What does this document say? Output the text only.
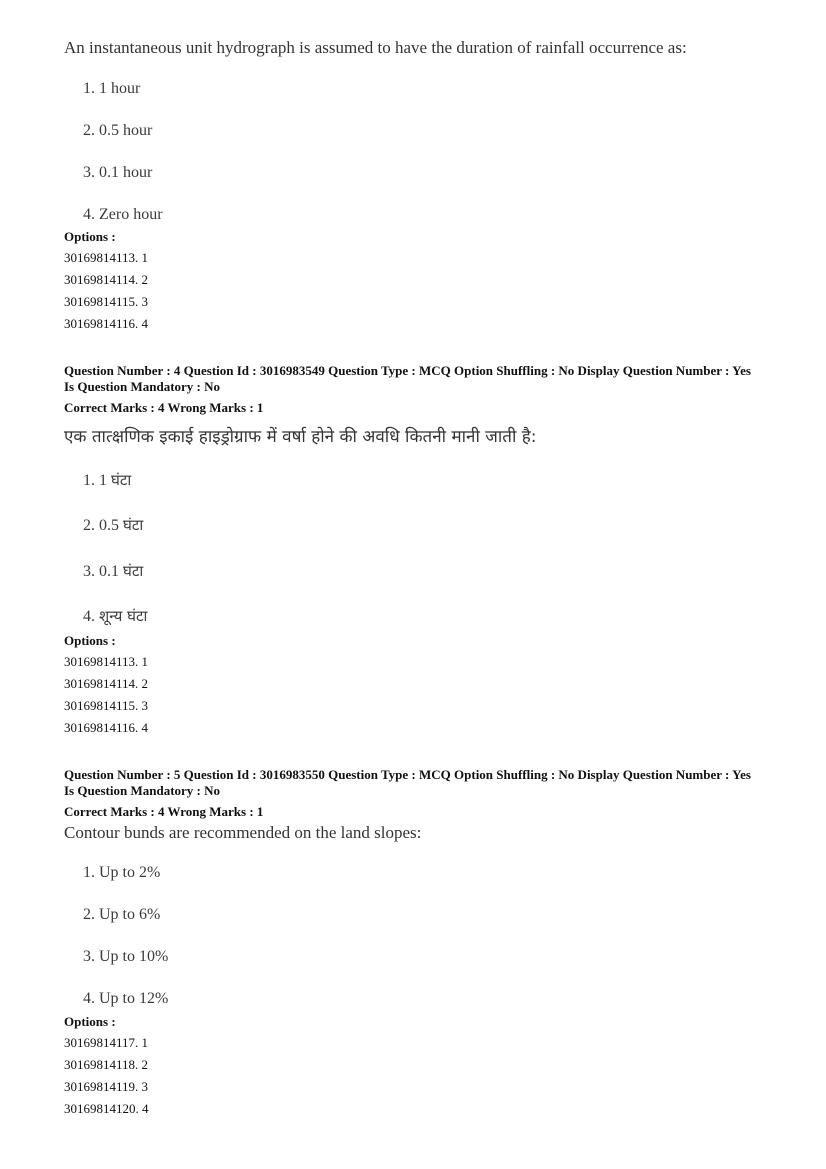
An instantaneous unit hydrograph is assumed to have the duration of rainfall occurrence as:
1. 1 hour
2. 0.5 hour
3. 0.1 hour
4. Zero hour
Options :
30169814113. 1
30169814114. 2
30169814115. 3
30169814116. 4
Question Number : 4 Question Id : 3016983549 Question Type : MCQ Option Shuffling : No Display Question Number : Yes Is Question Mandatory : No
Correct Marks : 4 Wrong Marks : 1
एक तात्क्षणिक इकाई हाइड्रोग्राफ में वर्षा होने की अवधि कितनी मानी जाती है:
1. 1 घंटा
2. 0.5 घंटा
3. 0.1 घंटा
4. शून्य घंटा
Options :
30169814113. 1
30169814114. 2
30169814115. 3
30169814116. 4
Question Number : 5 Question Id : 3016983550 Question Type : MCQ Option Shuffling : No Display Question Number : Yes Is Question Mandatory : No
Correct Marks : 4 Wrong Marks : 1
Contour bunds are recommended on the land slopes:
1. Up to 2%
2. Up to 6%
3. Up to 10%
4. Up to 12%
Options :
30169814117. 1
30169814118. 2
30169814119. 3
30169814120. 4
